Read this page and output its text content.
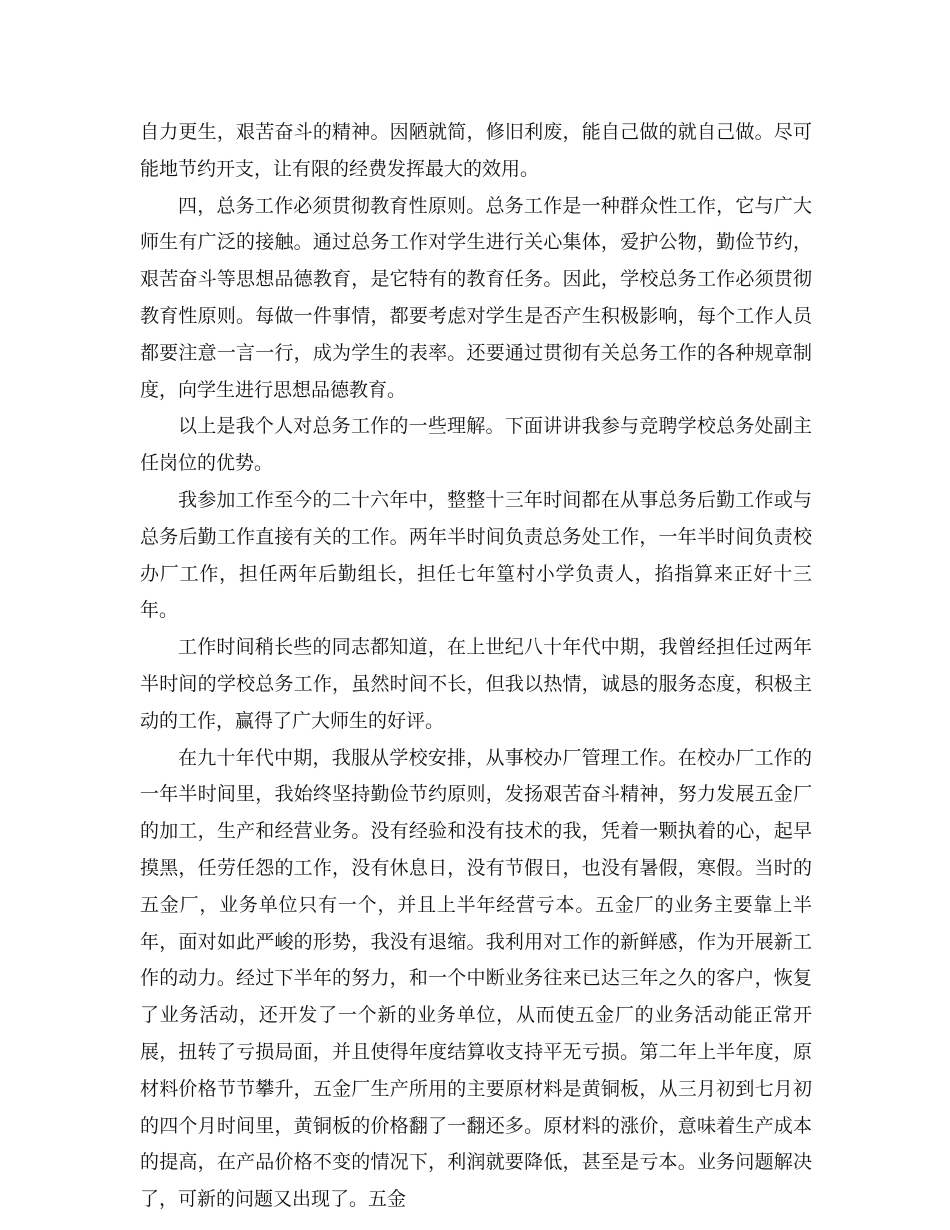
自力更生，艰苦奋斗的精神。因陋就简，修旧利废，能自己做的就自己做。尽可能地节约开支，让有限的经费发挥最大的效用。

四，总务工作必须贯彻教育性原则。总务工作是一种群众性工作，它与广大师生有广泛的接触。通过总务工作对学生进行关心集体，爱护公物，勤俭节约，艰苦奋斗等思想品德教育，是它特有的教育任务。因此，学校总务工作必须贯彻教育性原则。每做一件事情，都要考虑对学生是否产生积极影响，每个工作人员都要注意一言一行，成为学生的表率。还要通过贯彻有关总务工作的各种规章制度，向学生进行思想品德教育。

以上是我个人对总务工作的一些理解。下面讲讲我参与竞聘学校总务处副主任岗位的优势。

我参加工作至今的二十六年中，整整十三年时间都在从事总务后勤工作或与总务后勤工作直接有关的工作。两年半时间负责总务处工作，一年半时间负责校办厂工作，担任两年后勤组长，担任七年篁村小学负责人，掐指算来正好十三年。

工作时间稍长些的同志都知道，在上世纪八十年代中期，我曾经担任过两年半时间的学校总务工作，虽然时间不长，但我以热情，诚恳的服务态度，积极主动的工作，赢得了广大师生的好评。

在九十年代中期，我服从学校安排，从事校办厂管理工作。在校办厂工作的一年半时间里，我始终坚持勤俭节约原则，发扬艰苦奋斗精神，努力发展五金厂的加工，生产和经营业务。没有经验和没有技术的我，凭着一颗执着的心，起早摸黑，任劳任怨的工作，没有休息日，没有节假日，也没有暑假，寒假。当时的五金厂，业务单位只有一个，并且上半年经营亏本。五金厂的业务主要靠上半年，面对如此严峻的形势，我没有退缩。我利用对工作的新鲜感，作为开展新工作的动力。经过下半年的努力，和一个中断业务往来已达三年之久的客户，恢复了业务活动，还开发了一个新的业务单位，从而使五金厂的业务活动能正常开展，扭转了亏损局面，并且使得年度结算收支持平无亏损。第二年上半年度，原材料价格节节攀升，五金厂生产所用的主要原材料是黄铜板，从三月初到七月初的四个月时间里，黄铜板的价格翻了一翻还多。原材料的涨价，意味着生产成本的提高，在产品价格不变的情况下，利润就要降低，甚至是亏本。业务问题解决了，可新的问题又出现了。五金
